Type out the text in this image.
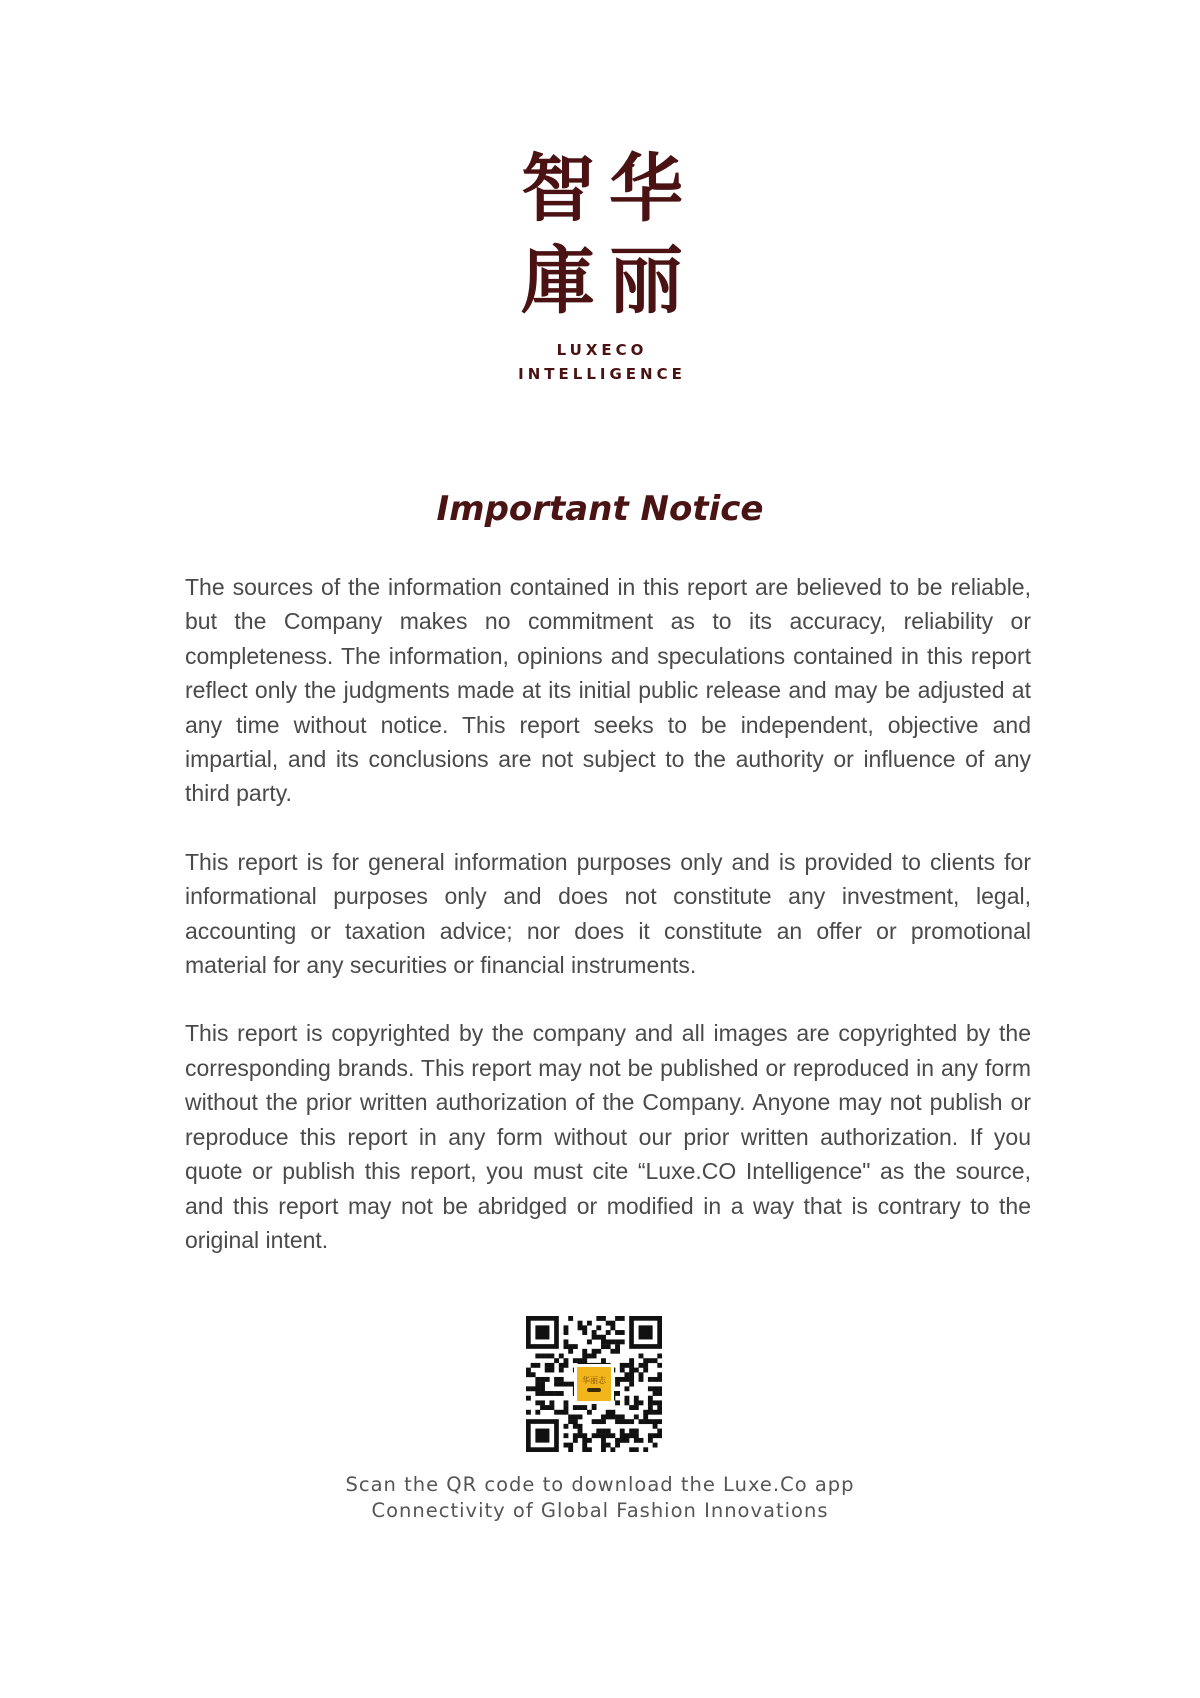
智 华
庫 丽
LUXECO
INTELLIGENCE
Important Notice

The sources of the information contained in this report are believed to be reliable, but the Company makes no commitment as to its accuracy, reliability or completeness. The information, opinions and speculations contained in this report reflect only the judgments made at its initial public release and may be adjusted at any time without notice. This report seeks to be independent, objective and impartial, and its conclusions are not subject to the authority or influence of any third party.

This report is for general information purposes only and is provided to clients for informational purposes only and does not constitute any investment, legal, accounting or taxation advice; nor does it constitute an offer or promotional material for any securities or financial instruments.

This report is copyrighted by the company and all images are copyrighted by the corresponding brands. This report may not be published or reproduced in any form without the prior written authorization of the Company. Anyone may not publish or reproduce this report in any form without our prior written authorization. If you quote or publish this report, you must cite “Luxe.CO Intelligence" as the source, and this report may not be abridged or modified in a way that is contrary to the original intent.

华丽志
Scan the QR code to download the Luxe.Co app
Connectivity of Global Fashion Innovations
